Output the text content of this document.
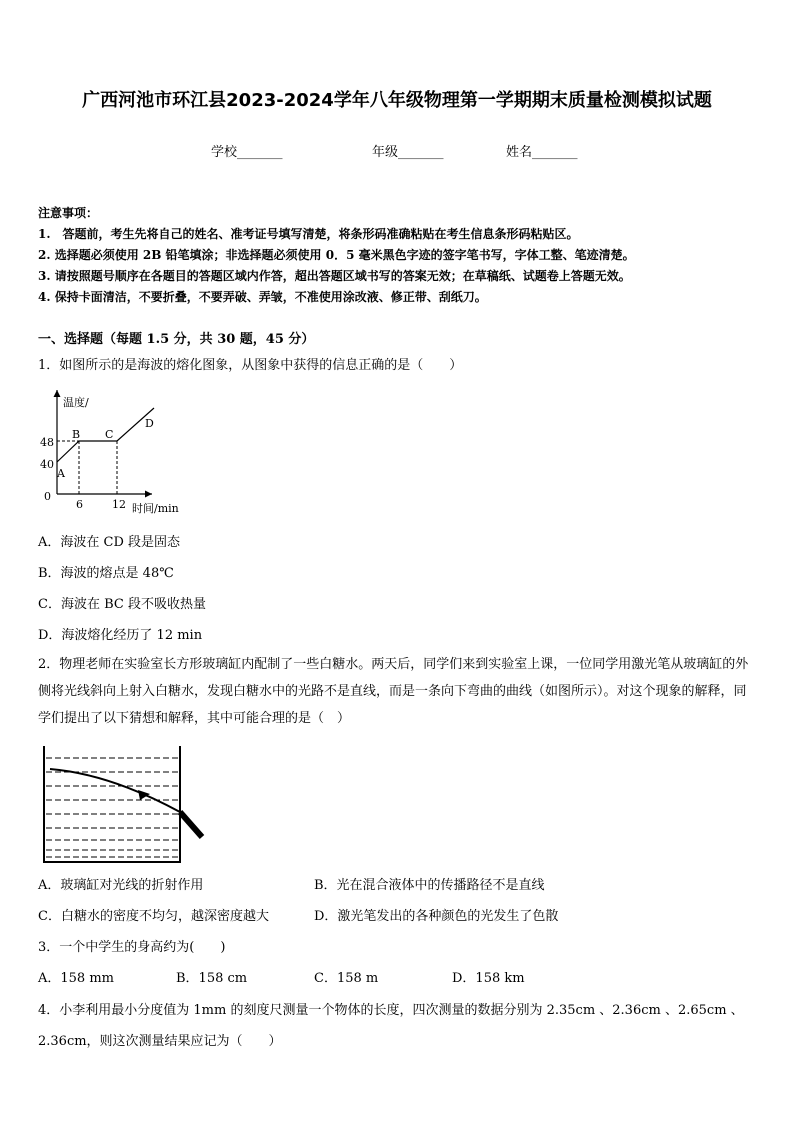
广西河池市环江县2023-2024学年八年级物理第一学期期末质量检测模拟试题
学校_______	年级_______	姓名_______
注意事项：
1.　答题前，考生先将自己的姓名、准考证号填写清楚，将条形码准确粘贴在考生信息条形码粘贴区。
2. 选择题必须使用 2B 铅笔填涂；非选择题必须使用 0．5 毫米黑色字迹的签字笔书写，字体工整、笔迹清楚。
3. 请按照题号顺序在各题目的答题区域内作答，超出答题区域书写的答案无效；在草稿纸、试题卷上答题无效。
4. 保持卡面清洁，不要折叠，不要弄破、弄皱，不准使用涂改液、修正带、刮纸刀。
一、选择题（每题 1.5 分，共 30 题，45 分）
1．如图所示的是海波的熔化图象，从图象中获得的信息正确的是（　　）
温度/
时间/min
48
40
0
6	12
A
B C
D
A．海波在 CD 段是固态
B．海波的熔点是 48℃
C．海波在 BC 段不吸收热量
D．海波熔化经历了 12 min
2．物理老师在实验室长方形玻璃缸内配制了一些白糖水。两天后，同学们来到实验室上课，一位同学用激光笔从玻璃缸的外侧将光线斜向上射入白糖水，发现白糖水中的光路不是直线，而是一条向下弯曲的曲线（如图所示）。对这个现象的解释，同学们提出了以下猜想和解释，其中可能合理的是（　）
A．玻璃缸对光线的折射作用	B．光在混合液体中的传播路径不是直线
C．白糖水的密度不均匀，越深密度越大	D．激光笔发出的各种颜色的光发生了色散
3．一个中学生的身高约为(　　)
A．158 mm	B．158 cm	C．158 m	D．158 km
4．小李利用最小分度值为 1mm 的刻度尺测量一个物体的长度，四次测量的数据分别为 2.35cm 、2.36cm 、2.65cm 、
2.36cm，则这次测量结果应记为（　　）
